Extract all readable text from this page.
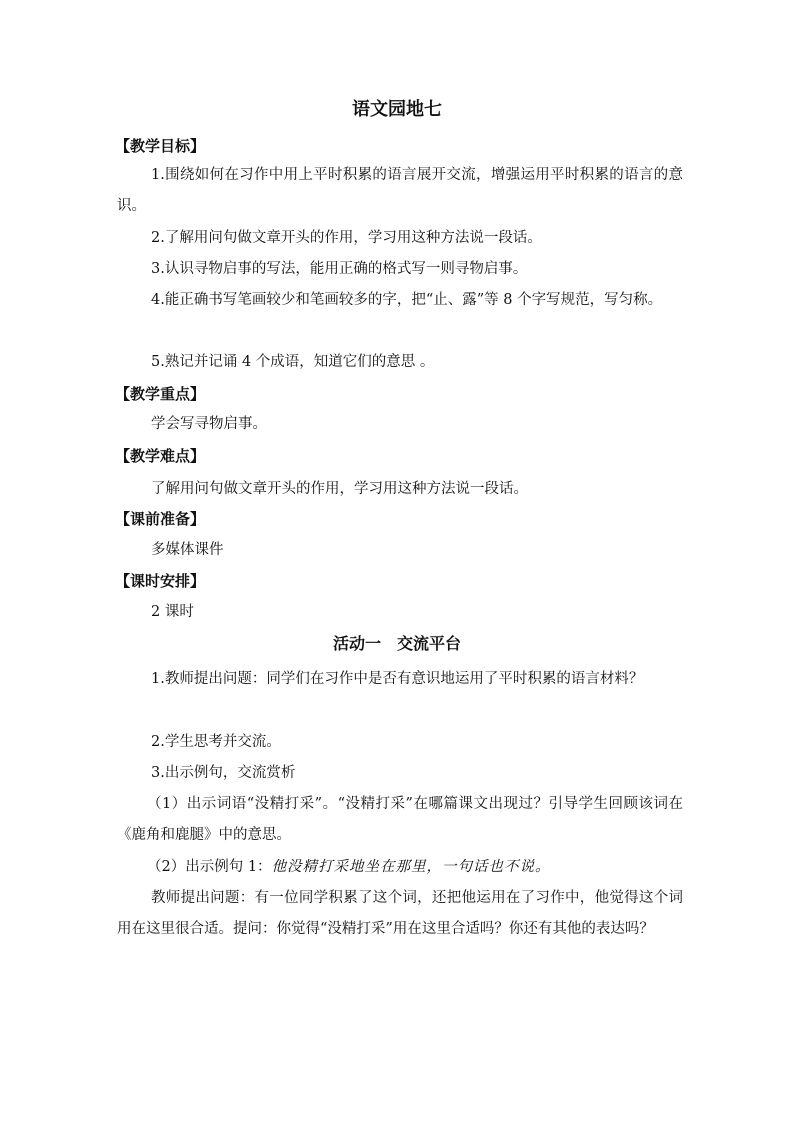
语文园地七
【教学目标】
1.围绕如何在习作中用上平时积累的语言展开交流，增强运用平时积累的语言的意识。
2.了解用问句做文章开头的作用，学习用这种方法说一段话。
3.认识寻物启事的写法，能用正确的格式写一则寻物启事。
4.能正确书写笔画较少和笔画较多的字，把“止、露”等 8 个字写规范，写匀称。
5.熟记并记诵 4 个成语，知道它们的意思 。
【教学重点】
学会写寻物启事。
【教学难点】
了解用问句做文章开头的作用，学习用这种方法说一段话。
【课前准备】
多媒体课件
【课时安排】
2 课时
活动一　交流平台
1.教师提出问题：同学们在习作中是否有意识地运用了平时积累的语言材料？
2.学生思考并交流。
3.出示例句，交流赏析
（1）出示词语“没精打采”。“没精打采”在哪篇课文出现过？引导学生回顾该词在《鹿角和鹿腿》中的意思。
（2）出示例句 1：他没精打采地坐在那里，一句话也不说。
教师提出问题：有一位同学积累了这个词，还把他运用在了习作中，他觉得这个词用在这里很合适。提问：你觉得“没精打采”用在这里合适吗？你还有其他的表达吗？
